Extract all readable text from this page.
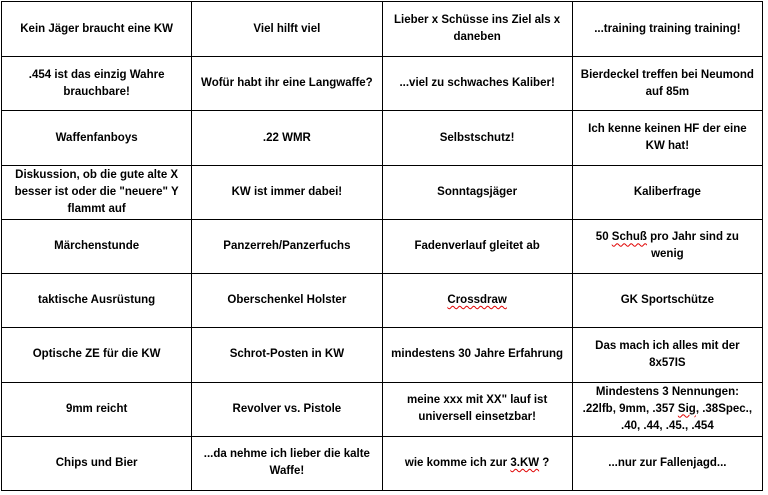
Kein Jäger braucht eine KW	Viel hilft viel	Lieber x Schüsse ins Ziel als x daneben	...training training training!
.454 ist das einzig Wahre brauchbare!	Wofür habt ihr eine Langwaffe?	...viel zu schwaches Kaliber!	Bierdeckel treffen bei Neumond auf 85m
Waffenfanboys	.22 WMR	Selbstschutz!	Ich kenne keinen HF der eine KW hat!
Diskussion, ob die gute alte X besser ist oder die "neuere" Y flammt auf	KW ist immer dabei!	Sonntagsjäger	Kaliberfrage
Märchenstunde	Panzerreh/Panzerfuchs	Fadenverlauf gleitet ab	50 Schuß pro Jahr sind zu wenig
taktische Ausrüstung	Oberschenkel Holster	Crossdraw	GK Sportschütze
Optische ZE für die KW	Schrot-Posten in KW	mindestens 30 Jahre Erfahrung	Das mach ich alles mit der 8x57IS
9mm reicht	Revolver vs. Pistole	meine xxx mit XX" lauf ist universell einsetzbar!	Mindestens 3 Nennungen: .22lfb, 9mm, .357 Sig, .38Spec., .40, .44, .45., .454
Chips und Bier	...da nehme ich lieber die kalte Waffe!	wie komme ich zur 3.KW ?	...nur zur Fallenjagd...
